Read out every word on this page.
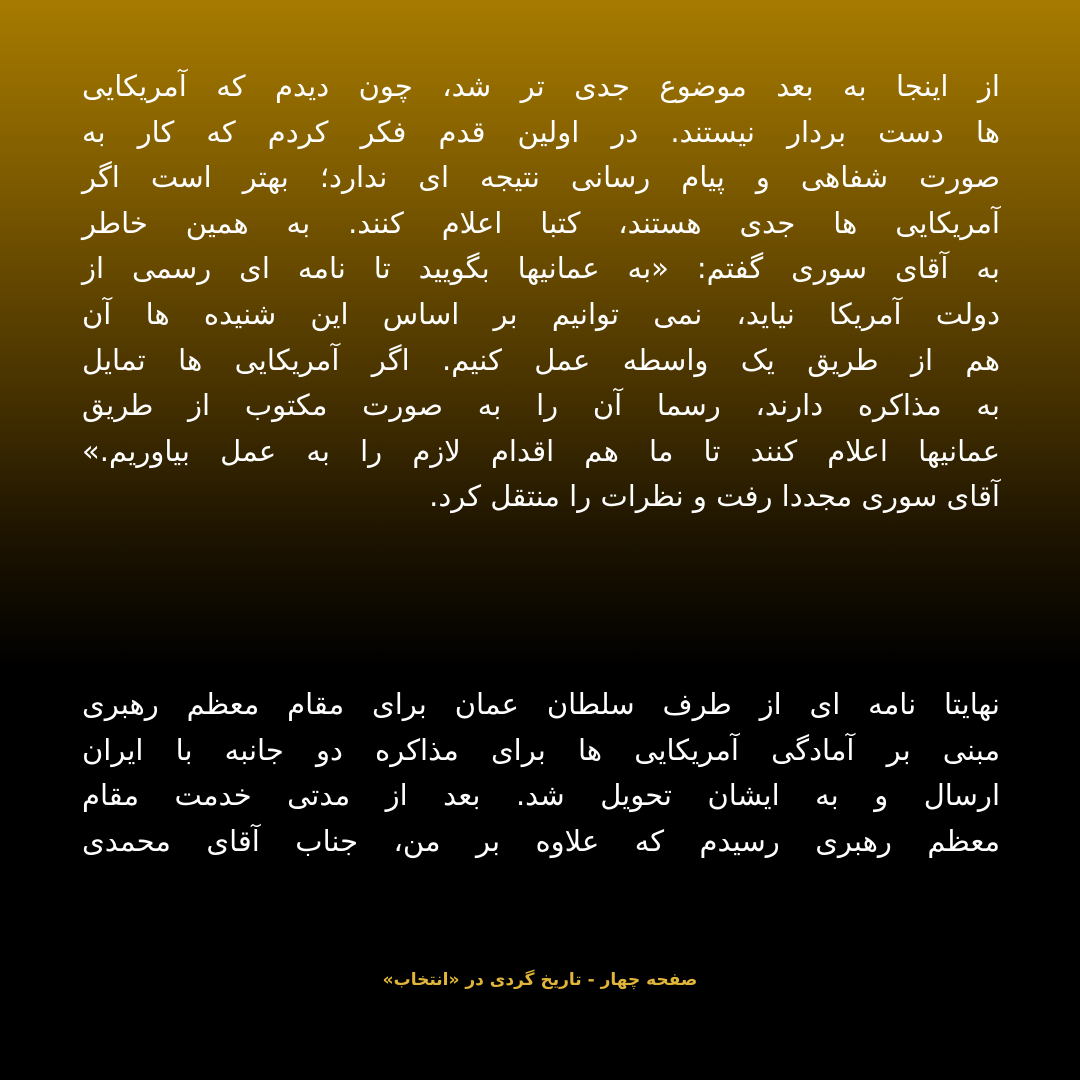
از اینجا به بعد موضوع جدی تر شد، چون دیدم که آمریکایی
ها دست بردار نیستند. در اولین قدم فکر کردم که کار به
صورت شفاهی و پیام رسانی نتیجه ای ندارد؛ بهتر است اگر
آمریکایی ها جدی هستند، کتبا اعلام کنند. به همین خاطر
به آقای سوری گفتم: «به عمانیها بگویید تا نامه ای رسمی از
دولت آمریکا نیاید، نمی توانیم بر اساس این شنیده ها آن
هم از طریق یک واسطه عمل کنیم. اگر آمریکایی ها تمایل
به مذاکره دارند، رسما آن را به صورت مکتوب از طریق
عمانیها اعلام کنند تا ما هم اقدام لازم را به عمل بیاوریم.»
آقای سوری مجددا رفت و نظرات را منتقل کرد.
نهایتا نامه ای از طرف سلطان عمان برای مقام معظم رهبری
مبنی بر آمادگی آمریکایی ها برای مذاکره دو جانبه با ایران
ارسال و به ایشان تحویل شد. بعد از مدتی خدمت مقام
معظم رهبری رسیدم که علاوه بر من، جناب آقای محمدی
صفحه چهار - تاریخ گردی در «انتخاب»
